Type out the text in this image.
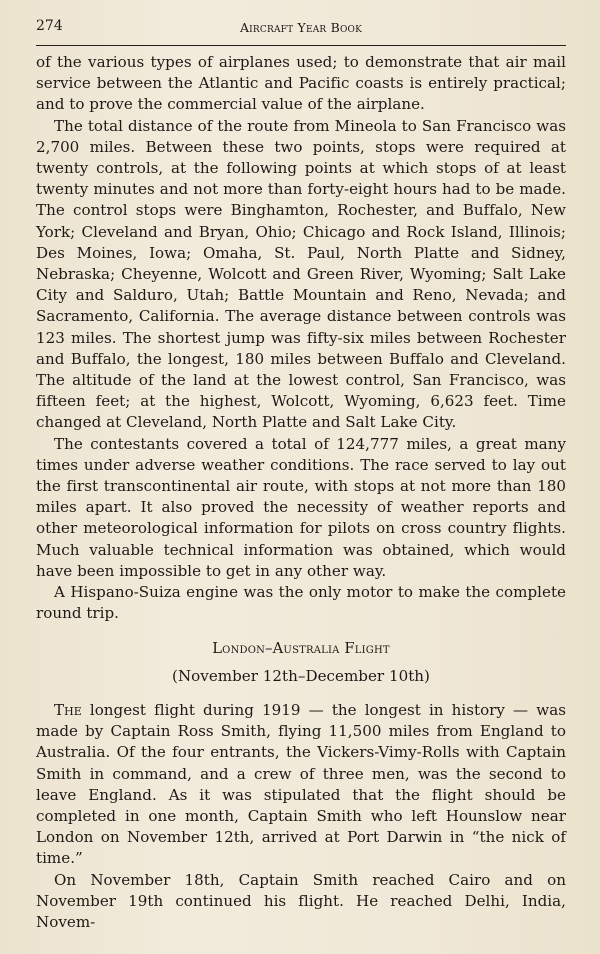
274	Aircraft Year Book

of the various types of airplanes used; to demonstrate that air mail service between the Atlantic and Pacific coasts is entirely practical; and to prove the commercial value of the airplane.

The total distance of the route from Mineola to San Francisco was 2,700 miles. Between these two points, stops were required at twenty controls, at the following points at which stops of at least twenty minutes and not more than forty-eight hours had to be made. The control stops were Binghamton, Rochester, and Buffalo, New York; Cleveland and Bryan, Ohio; Chicago and Rock Island, Illinois; Des Moines, Iowa; Omaha, St. Paul, North Platte and Sidney, Nebraska; Cheyenne, Wolcott and Green River, Wyoming; Salt Lake City and Salduro, Utah; Battle Mountain and Reno, Nevada; and Sacramento, California. The average distance between controls was 123 miles. The shortest jump was fifty-six miles between Rochester and Buffalo, the longest, 180 miles between Buffalo and Cleveland. The altitude of the land at the lowest control, San Francisco, was fifteen feet; at the highest, Wolcott, Wyoming, 6,623 feet. Time changed at Cleveland, North Platte and Salt Lake City.

The contestants covered a total of 124,777 miles, a great many times under adverse weather conditions. The race served to lay out the first transcontinental air route, with stops at not more than 180 miles apart. It also proved the necessity of weather reports and other meteorological information for pilots on cross country flights. Much valuable technical information was obtained, which would have been impossible to get in any other way.

A Hispano-Suiza engine was the only motor to make the complete round trip.

London–Australia Flight

(November 12th–December 10th)

The longest flight during 1919 — the longest in history — was made by Captain Ross Smith, flying 11,500 miles from England to Australia. Of the four entrants, the Vickers-Vimy-Rolls with Captain Smith in command, and a crew of three men, was the second to leave England. As it was stipulated that the flight should be completed in one month, Captain Smith who left Hounslow near London on November 12th, arrived at Port Darwin in “the nick of time.”

On November 18th, Captain Smith reached Cairo and on November 19th continued his flight. He reached Delhi, India, Novem-
